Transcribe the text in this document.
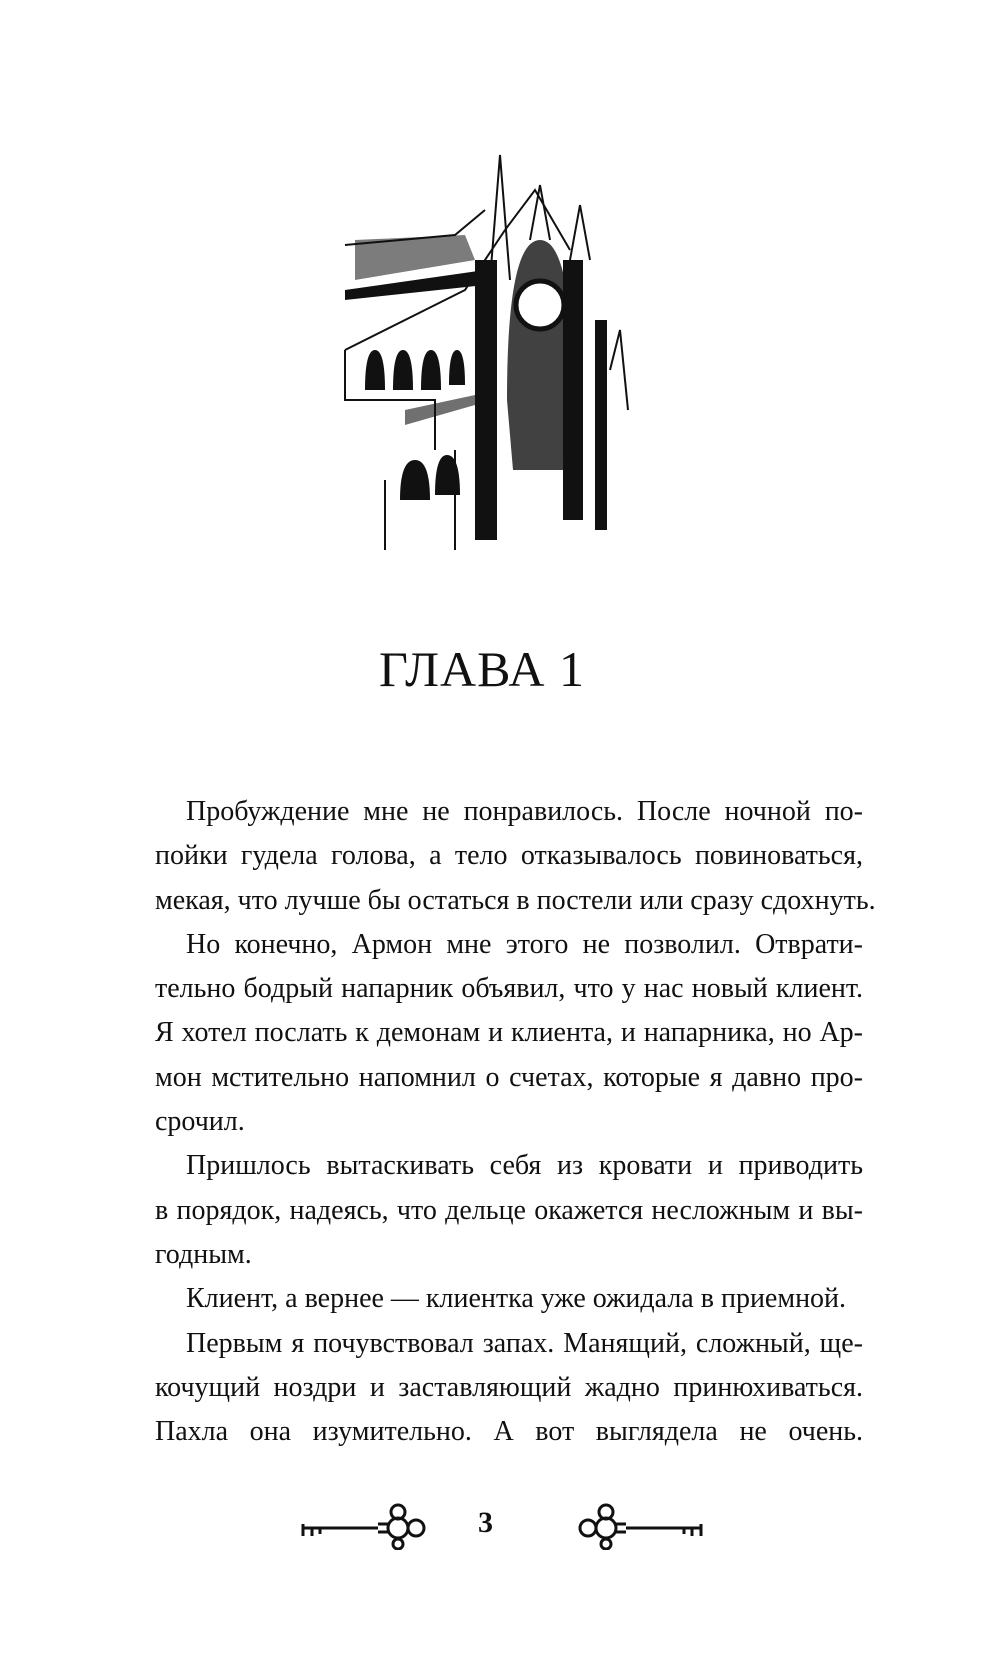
ГЛАВА 1
Пробуждение мне не понравилось. После ночной по-
пойки гудела голова, а тело отказывалось повиноваться,
мекая, что лучше бы остаться в постели или сразу сдохнуть.
Но конечно, Армон мне этого не позволил. Отврати-
тельно бодрый напарник объявил, что у нас новый клиент.
Я хотел послать к демонам и клиента, и напарника, но Ар-
мон мстительно напомнил о счетах, которые я давно про-
срочил.
Пришлось вытаскивать себя из кровати и приводить
в порядок, надеясь, что дельце окажется несложным и вы-
годным.
Клиент, а вернее — клиентка уже ожидала в приемной.
Первым я почувствовал запах. Манящий, сложный, ще-
кочущий ноздри и заставляющий жадно принюхиваться.
Пахла она изумительно. А вот выглядела не очень.
3
